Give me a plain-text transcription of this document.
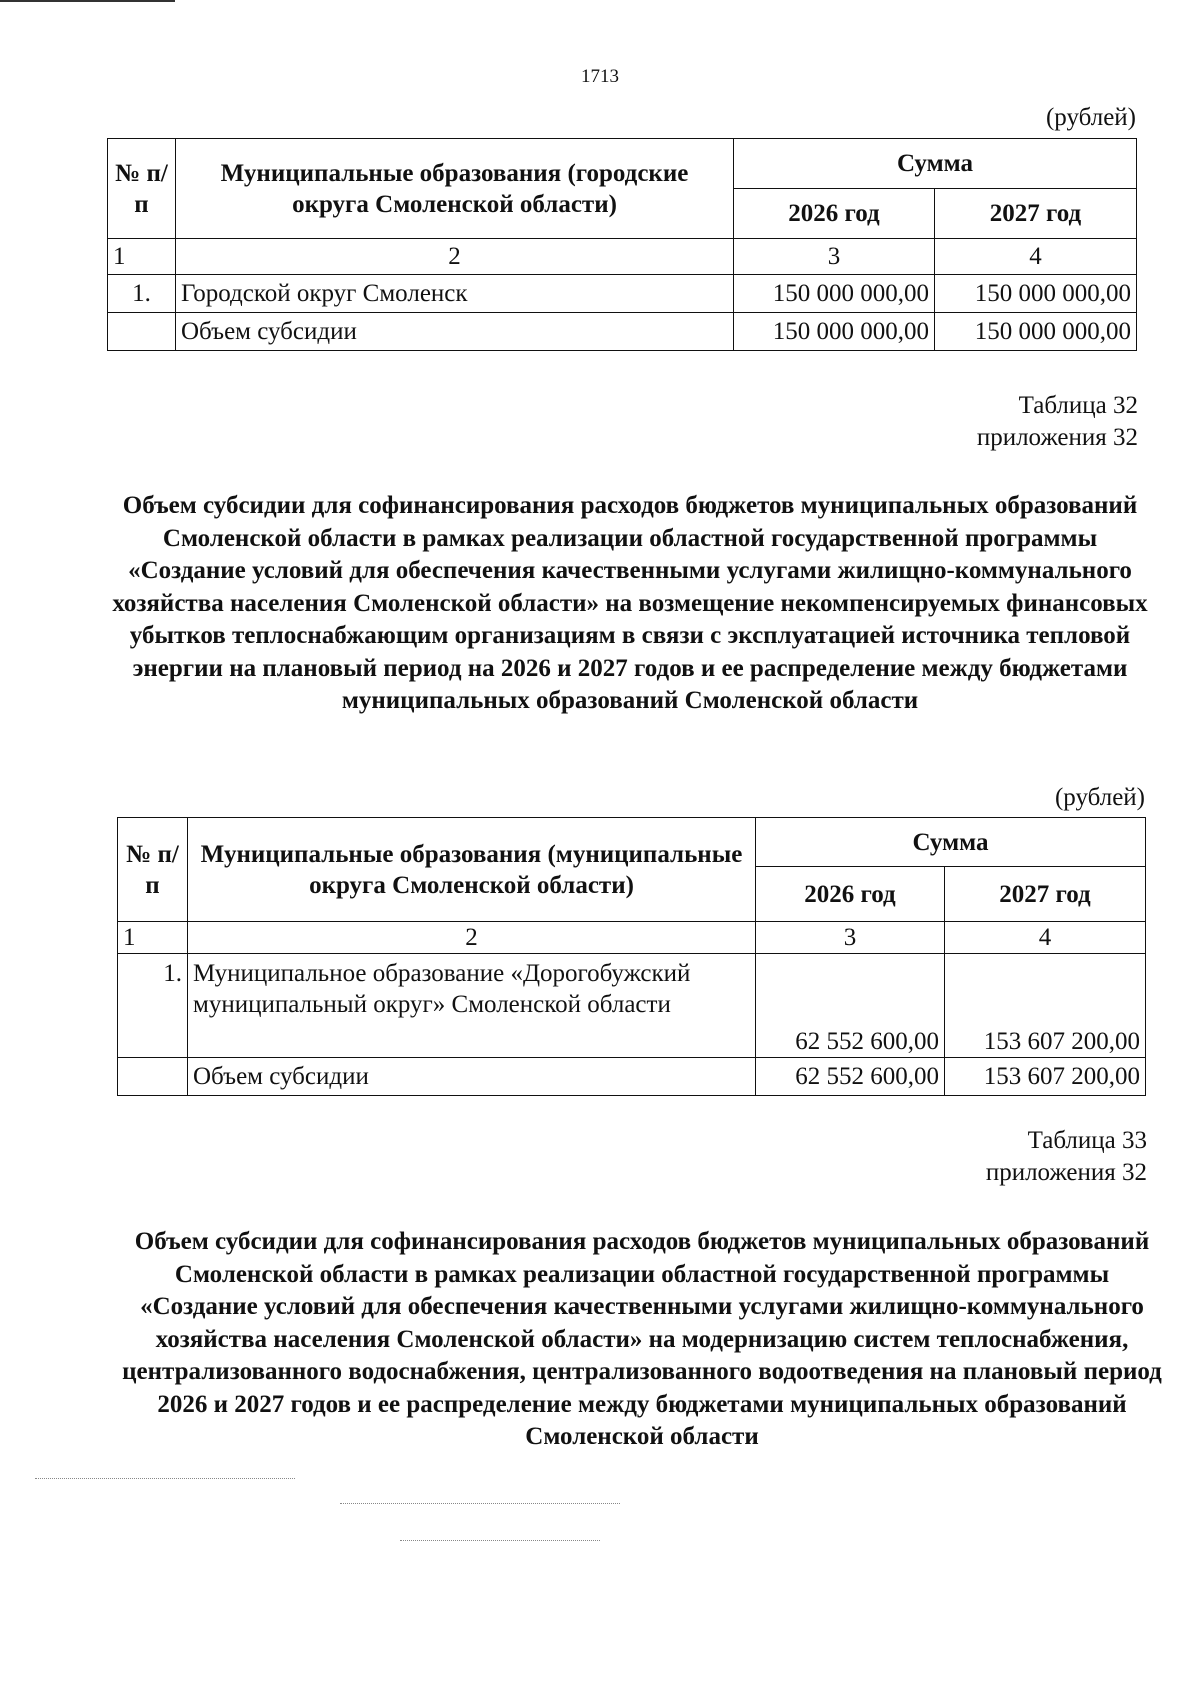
1713
(рублей)
№ п/п	Муниципальные образования (городские округа Смоленской области)	Сумма	
		2026 год	2027 год
1	2	3	4
1.	Городской округ Смоленск	150 000 000,00	150 000 000,00
	Объем субсидии	150 000 000,00	150 000 000,00
Таблица 32
приложения 32
Объем субсидии для софинансирования расходов бюджетов муниципальных образований Смоленской области в рамках реализации областной государственной программы «Создание условий для обеспечения качественными услугами жилищно-коммунального хозяйства населения Смоленской области» на возмещение некомпенсируемых финансовых убытков теплоснабжающим организациям в связи с эксплуатацией источника тепловой энергии на плановый период на 2026 и 2027 годов и ее распределение между бюджетами муниципальных образований Смоленской области
(рублей)
№ п/п	Муниципальные образования (муниципальные округа Смоленской области)	Сумма	
		2026 год	2027 год
1	2	3	4
1.	Муниципальное образование «Дорогобужский муниципальный округ» Смоленской области	62 552 600,00	153 607 200,00
	Объем субсидии	62 552 600,00	153 607 200,00
Таблица 33
приложения 32
Объем субсидии для софинансирования расходов бюджетов муниципальных образований Смоленской области в рамках реализации областной государственной программы «Создание условий для обеспечения качественными услугами жилищно-коммунального хозяйства населения Смоленской области» на модернизацию систем теплоснабжения, централизованного водоснабжения, централизованного водоотведения на плановый период 2026 и 2027 годов и ее распределение между бюджетами муниципальных образований Смоленской области
